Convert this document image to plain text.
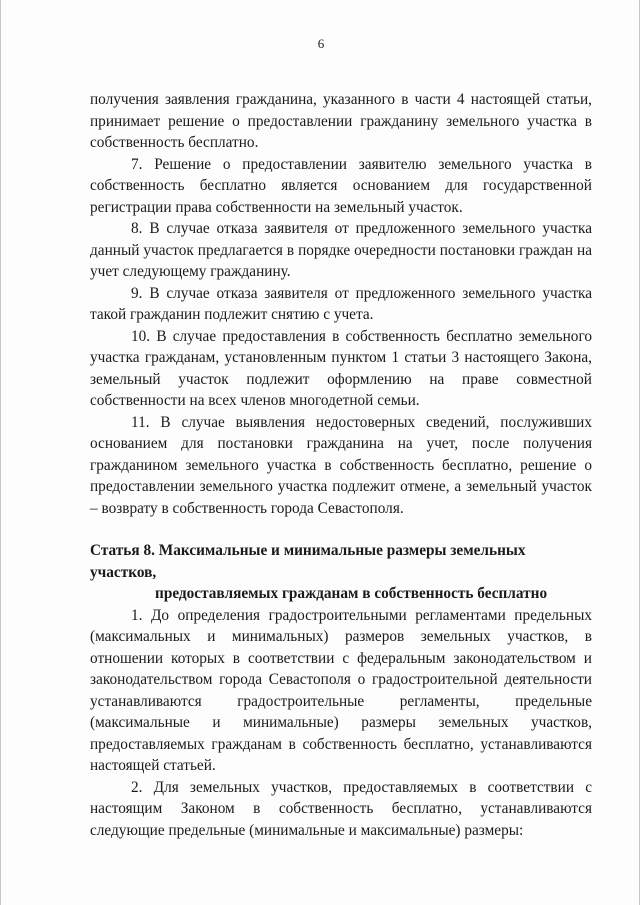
6

получения заявления гражданина, указанного в части 4 настоящей статьи, принимает решение о предоставлении гражданину земельного участка в собственность бесплатно.

7. Решение о предоставлении заявителю земельного участка в собственность бесплатно является основанием для государственной регистрации права собственности на земельный участок.

8. В случае отказа заявителя от предложенного земельного участка данный участок предлагается в порядке очередности постановки граждан на учет следующему гражданину.

9. В случае отказа заявителя от предложенного земельного участка такой гражданин подлежит снятию с учета.

10. В случае предоставления в собственность бесплатно земельного участка гражданам, установленным пунктом 1 статьи 3 настоящего Закона, земельный участок подлежит оформлению на праве совместной собственности на всех членов многодетной семьи.

11. В случае выявления недостоверных сведений, послуживших основанием для постановки гражданина на учет, после получения гражданином земельного участка в собственность бесплатно, решение о предоставлении земельного участка подлежит отмене, а земельный участок – возврату в собственность города Севастополя.

Статья 8. Максимальные и минимальные размеры земельных участков,
предоставляемых гражданам в собственность бесплатно

1. До определения градостроительными регламентами предельных (максимальных и минимальных) размеров земельных участков, в отношении которых в соответствии с федеральным законодательством и законодательством города Севастополя о градостроительной деятельности устанавливаются градостроительные регламенты, предельные (максимальные и минимальные) размеры земельных участков, предоставляемых гражданам в собственность бесплатно, устанавливаются настоящей статьей.

2. Для земельных участков, предоставляемых в соответствии с настоящим Законом в собственность бесплатно, устанавливаются следующие предельные (минимальные и максимальные) размеры:
